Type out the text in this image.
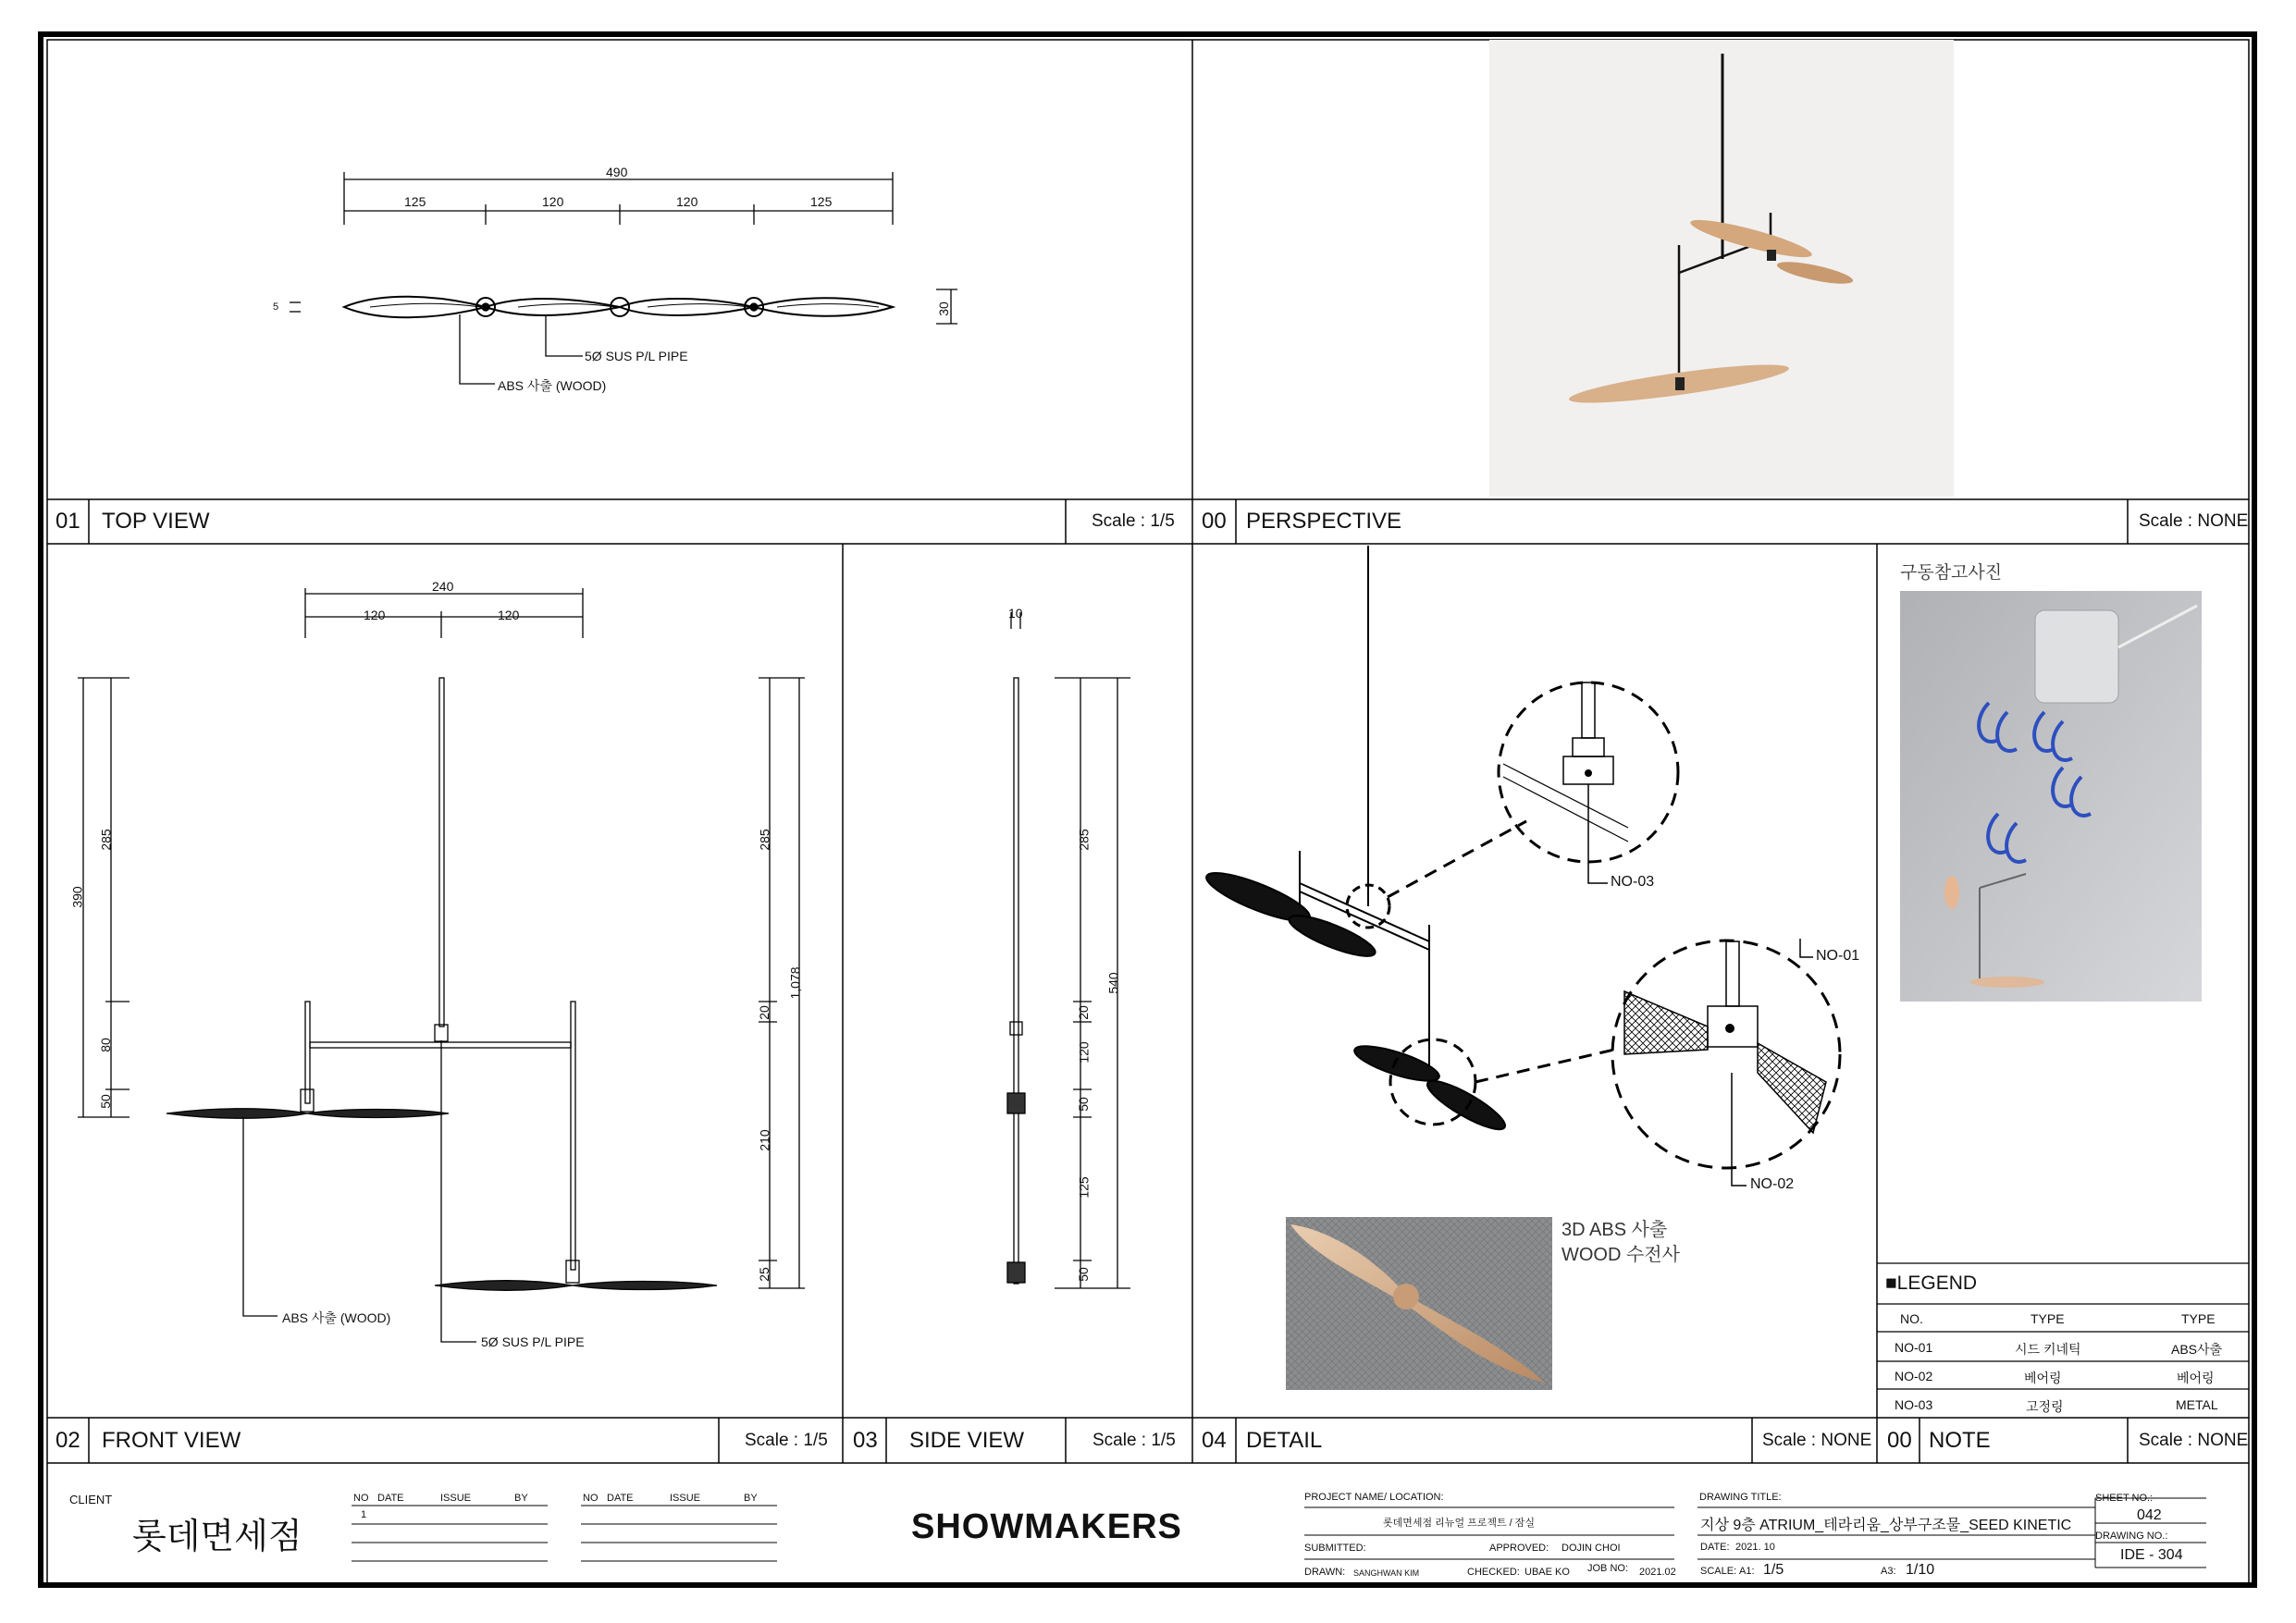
01 TOP VIEW	Scale : 1/5 00 PERSPECTIVE	Scale : NONE
02 FRONT VIEW	Scale : 1/5 03 SIDE VIEW	Scale : 1/5 04 DETAIL	Scale : NONE 00 NOTE	Scale : NONE
490
125	120	120	125
5	30
5Ø SUS P/L PIPE
ABS 사출 (WOOD)
240
120	120
390
285
80
50
285
20
210
25
1,078
ABS 사출 (WOOD)
5Ø SUS P/L PIPE
10
285
20
120
50
125
50
540
NO-03
NO-01
NO-02
3D ABS 사출
WOOD 수전사
구동참고사진
■LEGEND
NO.	TYPE	TYPE
NO-01	시드 키네틱	ABS사출
NO-02	베어링	베어링
NO-03	고정링	METAL
CLIENT
롯데면세점
NO DATE	ISSUE	BY
1
NO DATE	ISSUE	BY
SHOWMAKERS
PROJECT NAME/ LOCATION:
롯데면세점 리뉴얼 프로젝트 / 잠실
SUBMITTED:	APPROVED: DOJIN CHOI
DRAWN: SANGHWAN KIM	CHECKED: UBAE KO JOB NO: 2021.02
DRAWING TITLE:
지상 9층 ATRIUM_테라리움_상부구조물_SEED KINETIC
DATE: 2021. 10
SCALE: A1: 1/5	A3: 1/10
SHEET NO.:
042
DRAWING NO.:
IDE - 304
